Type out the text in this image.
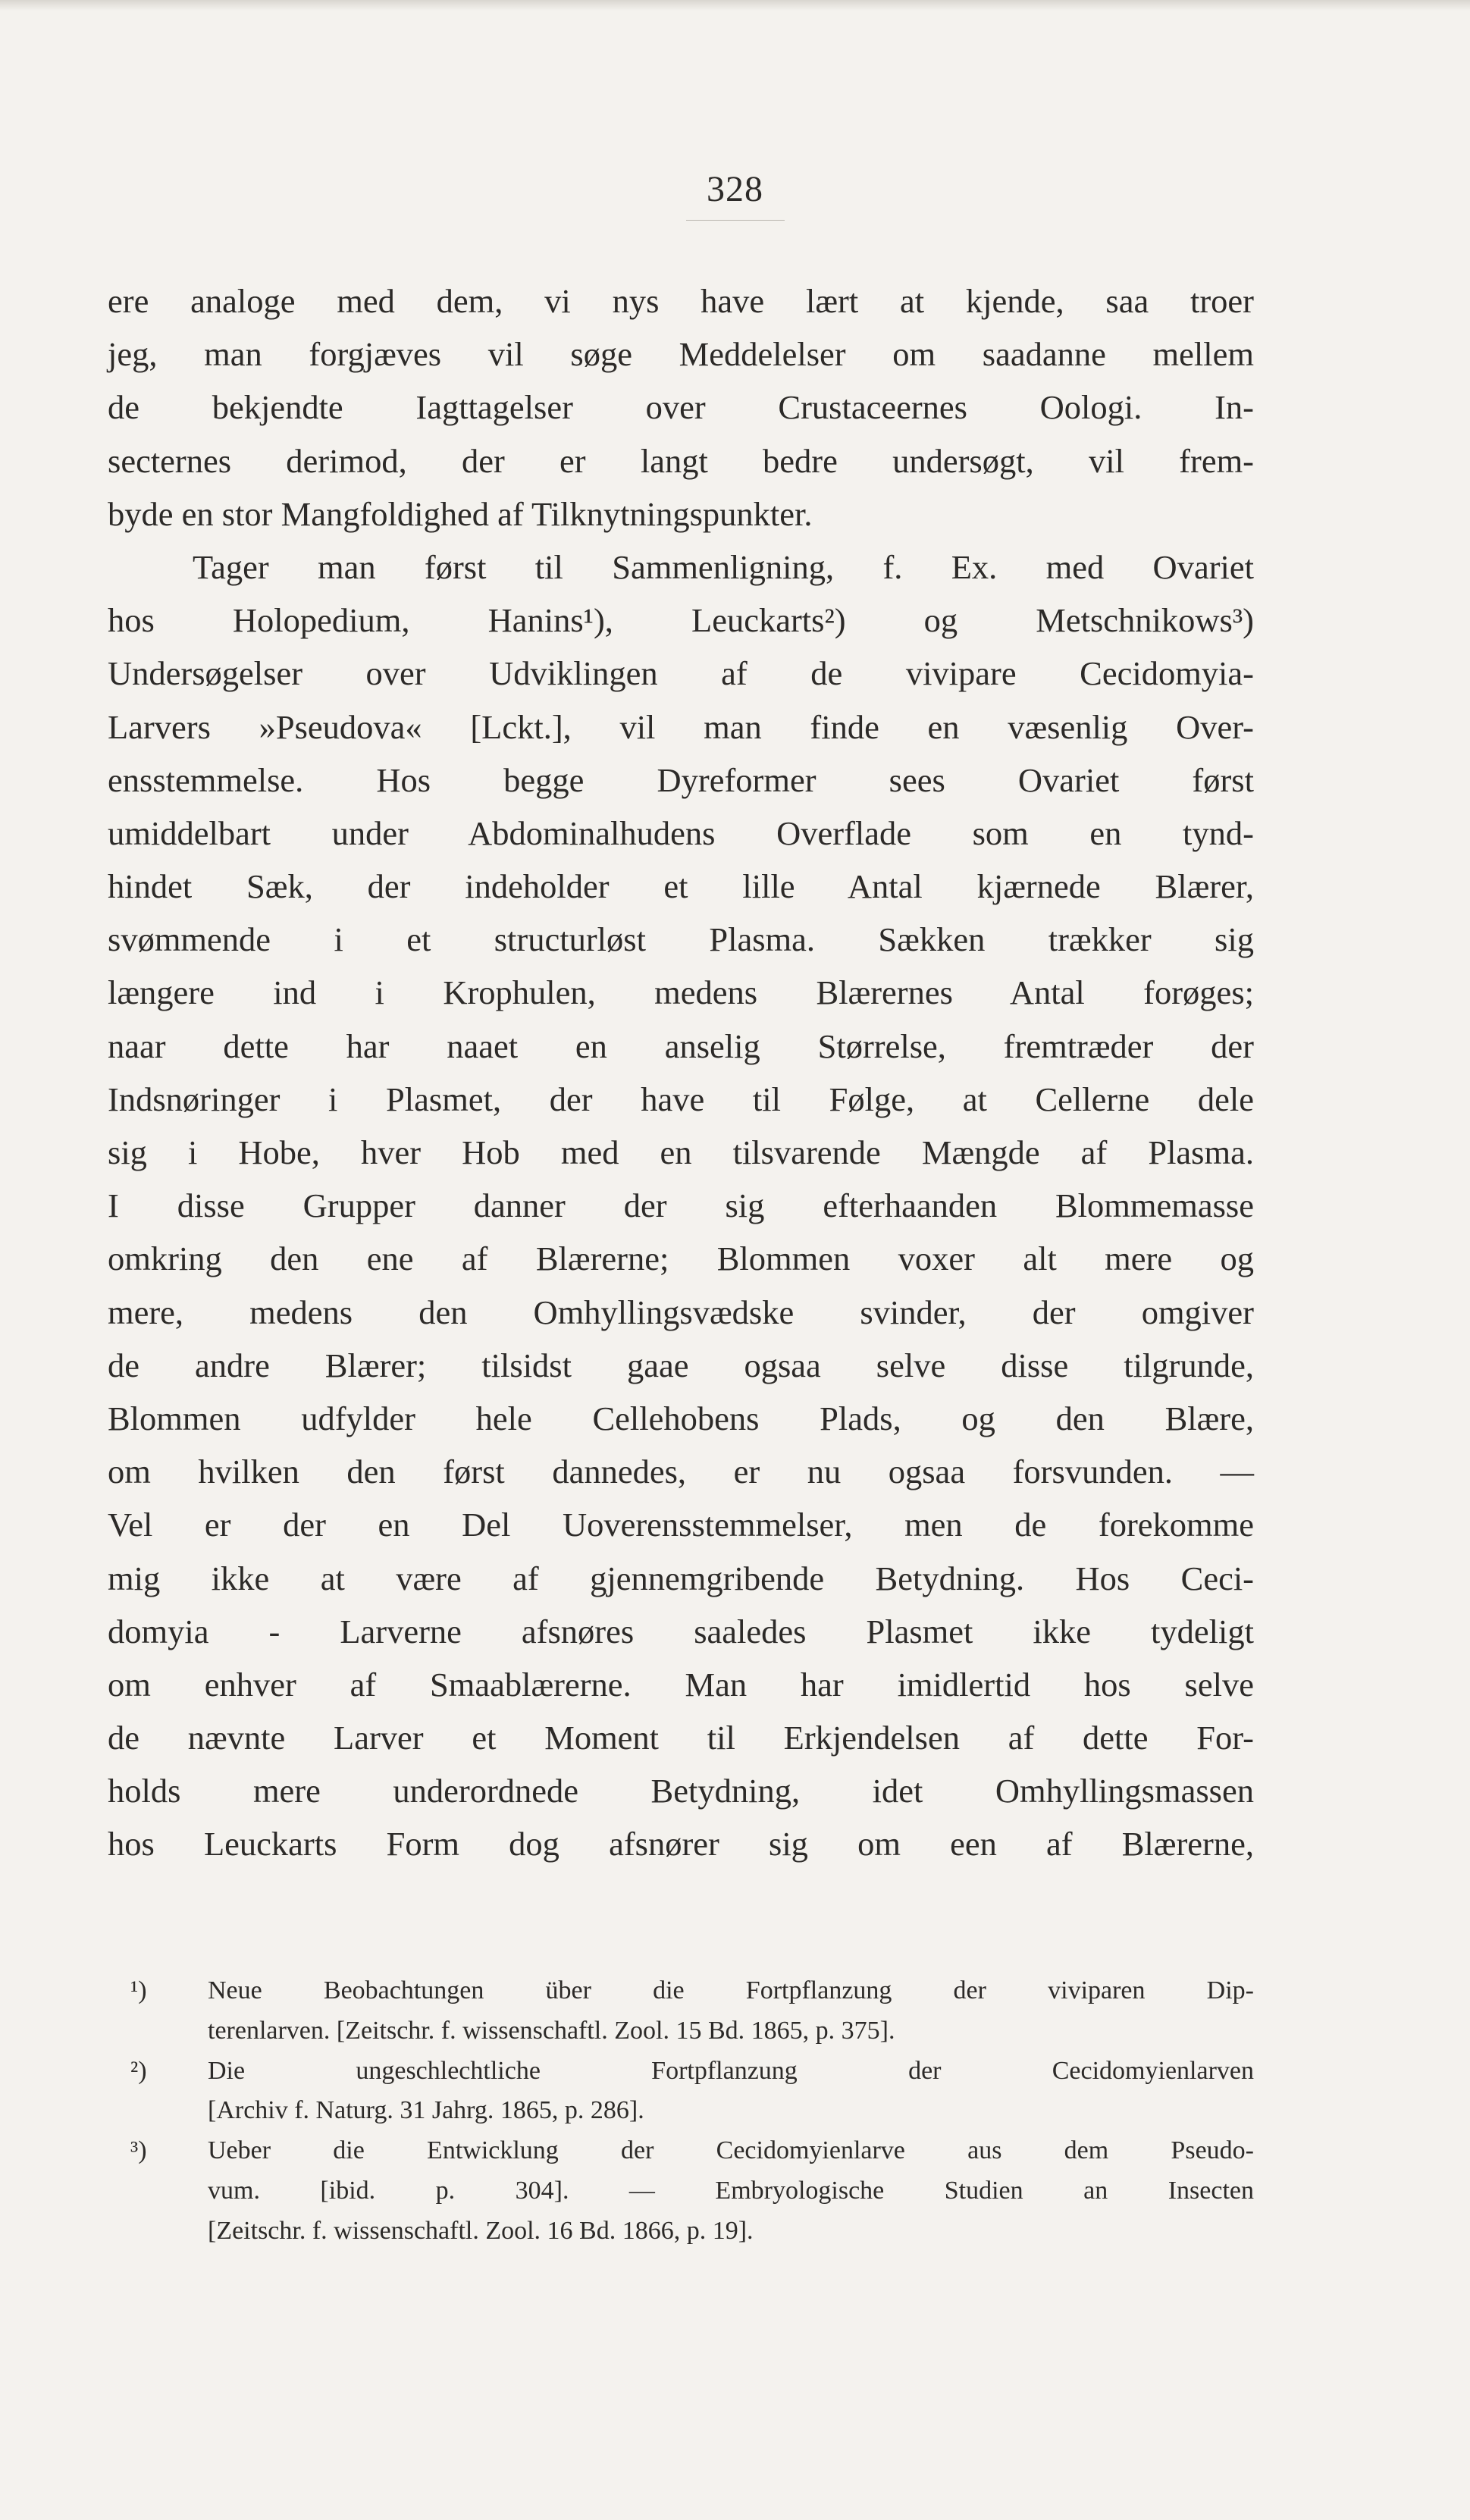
328
ere analoge med dem, vi nys have lært at kjende, saa troer
jeg, man forgjæves vil søge Meddelelser om saadanne mellem
de bekjendte Iagttagelser over Crustaceernes Oologi. In-
secternes derimod, der er langt bedre undersøgt, vil frem-
byde en stor Mangfoldighed af Tilknytningspunkter.
Tager man først til Sammenligning, f. Ex. med Ovariet
hos Holopedium, Hanins¹), Leuckarts²) og Metschnikows³)
Undersøgelser over Udviklingen af de vivipare Cecidomyia-
Larvers »Pseudova« [Lckt.], vil man finde en væsenlig Over-
ensstemmelse. Hos begge Dyreformer sees Ovariet først
umiddelbart under Abdominalhudens Overflade som en tynd-
hindet Sæk, der indeholder et lille Antal kjærnede Blærer,
svømmende i et structurløst Plasma. Sækken trækker sig
længere ind i Krophulen, medens Blærernes Antal forøges;
naar dette har naaet en anselig Størrelse, fremtræder der
Indsnøringer i Plasmet, der have til Følge, at Cellerne dele
sig i Hobe, hver Hob med en tilsvarende Mængde af Plasma.
I disse Grupper danner der sig efterhaanden Blommemasse
omkring den ene af Blærerne; Blommen voxer alt mere og
mere, medens den Omhyllingsvædske svinder, der omgiver
de andre Blærer; tilsidst gaae ogsaa selve disse tilgrunde,
Blommen udfylder hele Cellehobens Plads, og den Blære,
om hvilken den først dannedes, er nu ogsaa forsvunden. —
Vel er der en Del Uoverensstemmelser, men de forekomme
mig ikke at være af gjennemgribende Betydning. Hos Ceci-
domyia - Larverne afsnøres saaledes Plasmet ikke tydeligt
om enhver af Smaablærerne. Man har imidlertid hos selve
de nævnte Larver et Moment til Erkjendelsen af dette For-
holds mere underordnede Betydning, idet Omhyllingsmassen
hos Leuckarts Form dog afsnører sig om een af Blærerne,
¹) Neue Beobachtungen über die Fortpflanzung der viviparen Dip-
terenlarven. [Zeitschr. f. wissenschaftl. Zool. 15 Bd. 1865, p. 375].
²) Die ungeschlechtliche Fortpflanzung der Cecidomyienlarven
[Archiv f. Naturg. 31 Jahrg. 1865, p. 286].
³) Ueber die Entwicklung der Cecidomyienlarve aus dem Pseudo-
vum. [ibid. p. 304]. — Embryologische Studien an Insecten
[Zeitschr. f. wissenschaftl. Zool. 16 Bd. 1866, p. 19].
